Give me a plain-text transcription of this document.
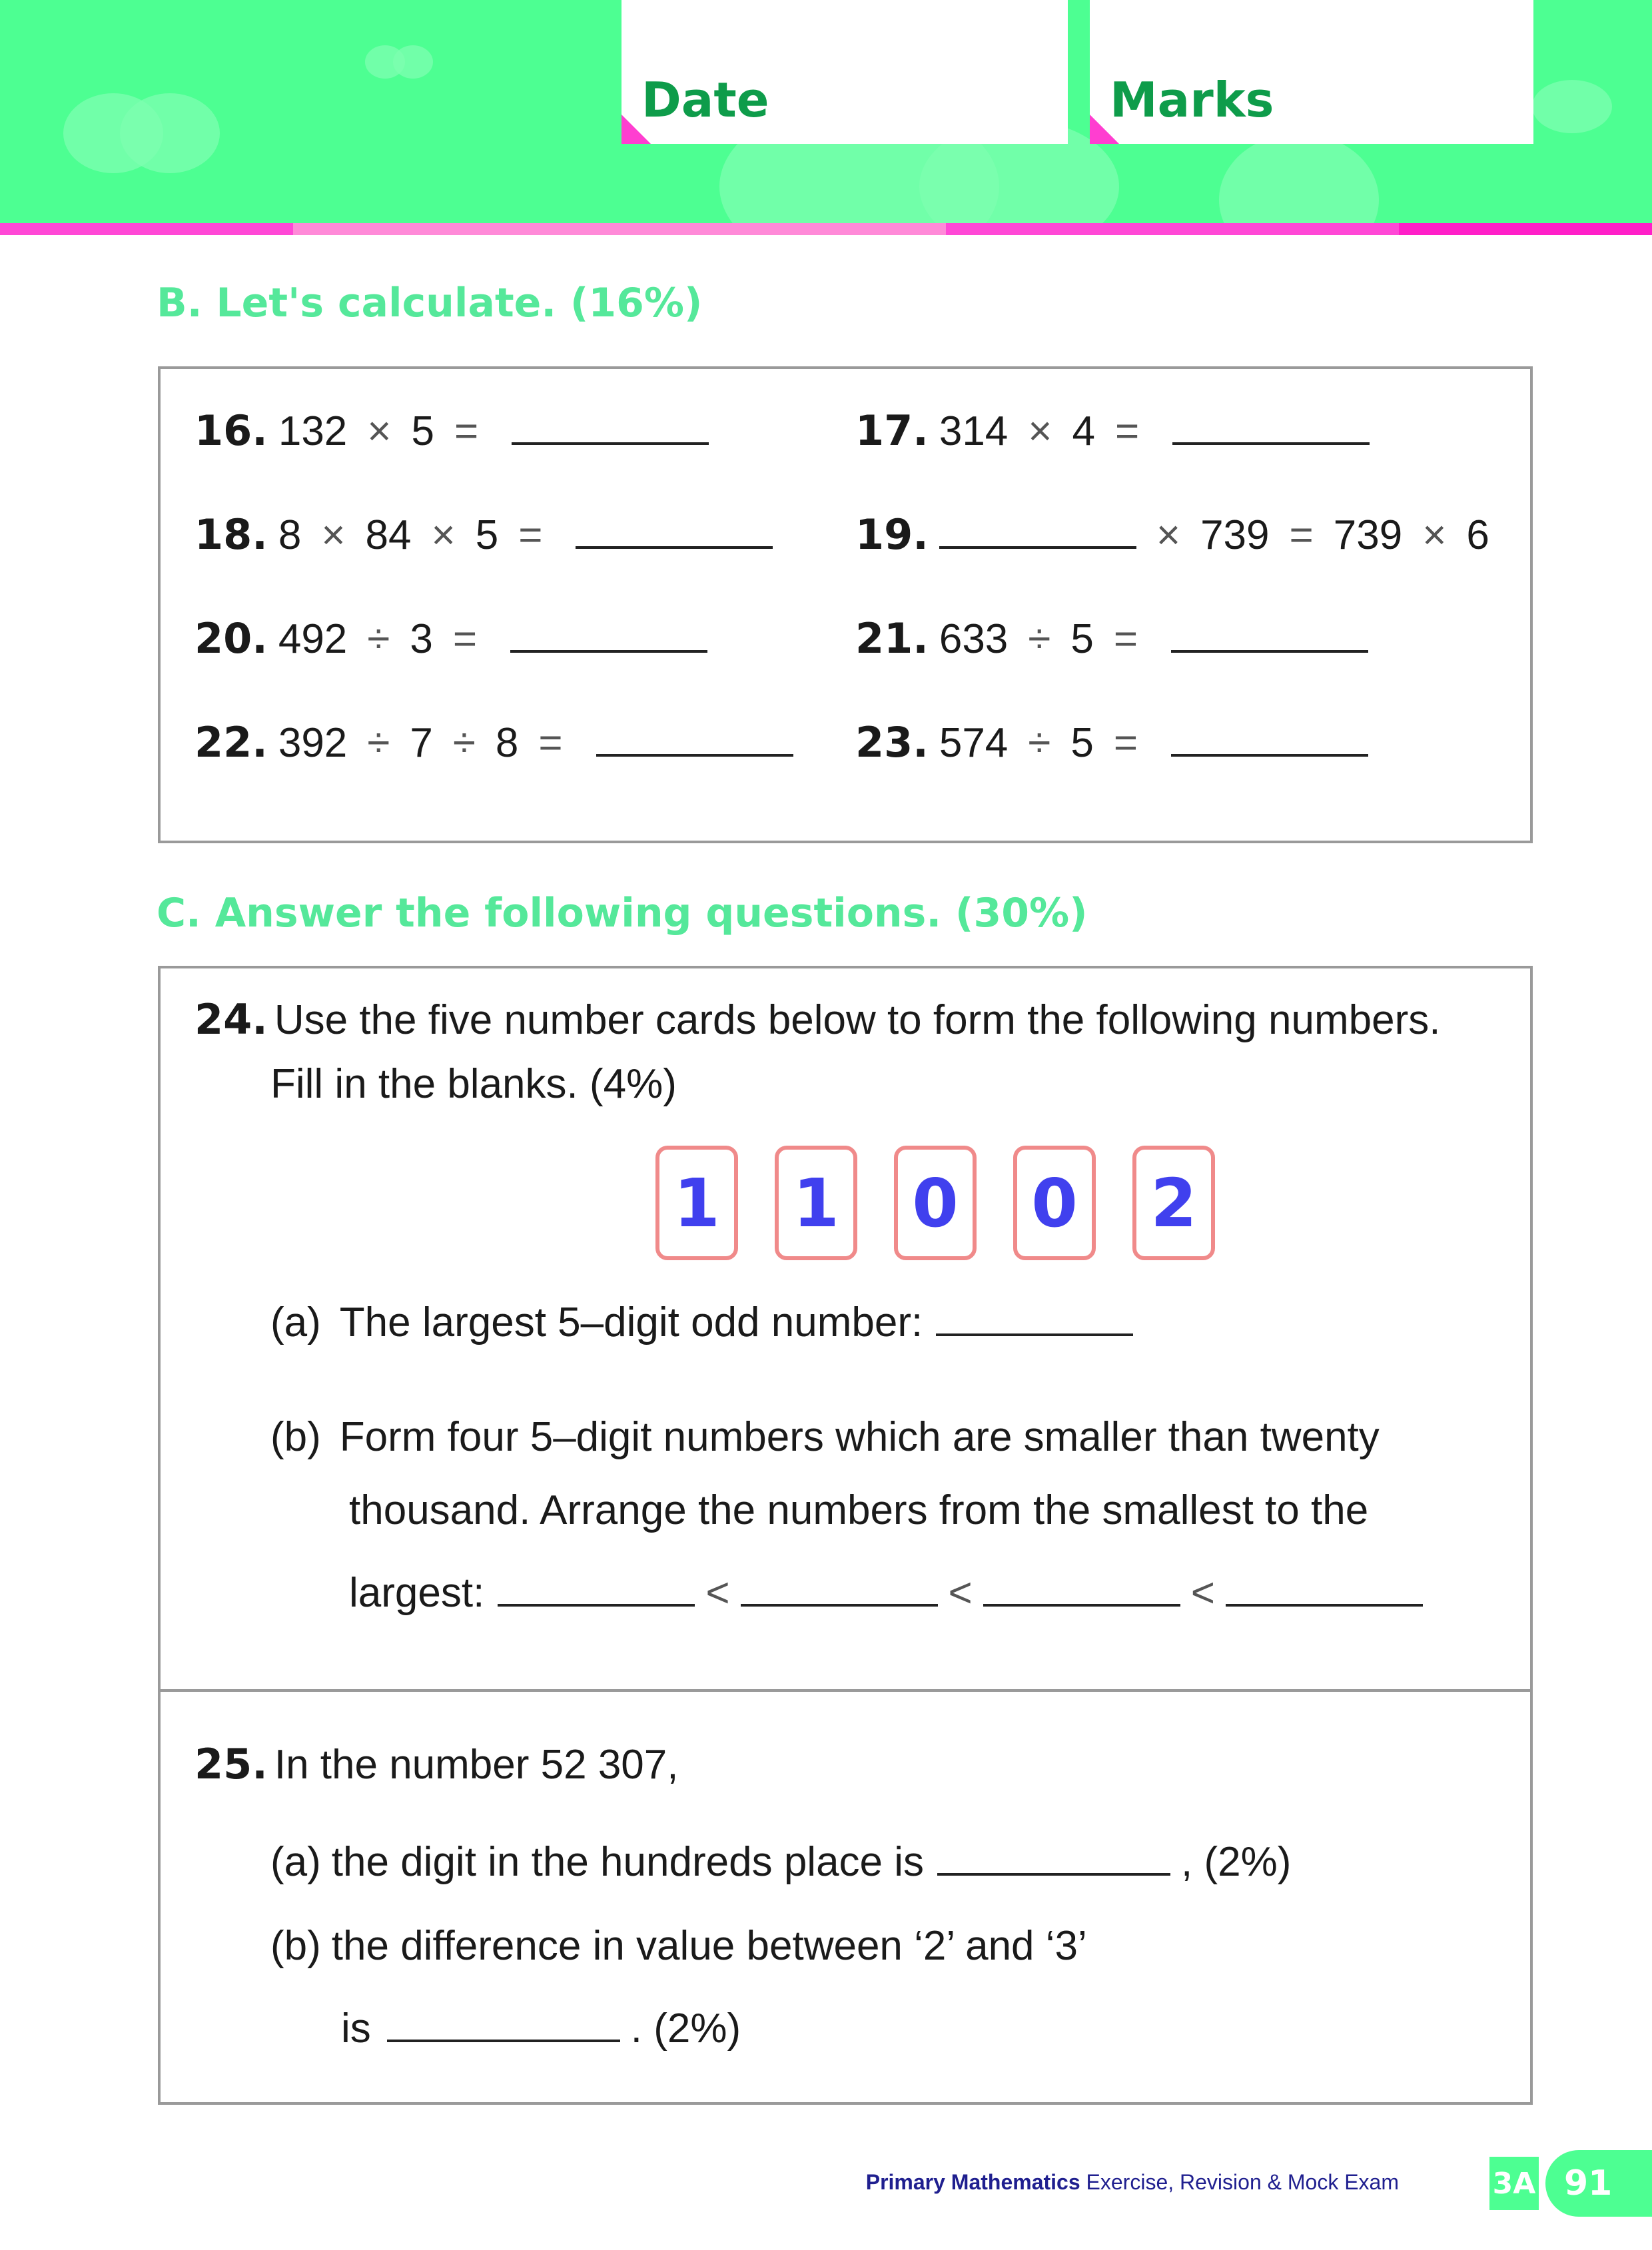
Date	Marks
B. Let's calculate. (16%)
16. 132 × 5 =	17. 314 × 4 =
18. 8 × 84 × 5 =	19.	× 739 = 739 × 6
20. 492 ÷ 3 =	21. 633 ÷ 5 =
22. 392 ÷ 7 ÷ 8 =	23. 574 ÷ 5 =
C. Answer the following questions. (30%)
24. Use the five number cards below to form the following numbers.
Fill in the blanks. (4%)
1 1 0 0 2
(a) The largest 5–digit odd number:
(b) Form four 5–digit numbers which are smaller than twenty
thousand. Arrange the numbers from the smallest to the
largest:	<	<	<
25. In the number 52 307,
(a) the digit in the hundreds place is	, (2%)
(b) the difference in value between ‘2’ and ‘3’
is	. (2%)
Primary Mathematics Exercise, Revision & Mock Exam	3A 91
